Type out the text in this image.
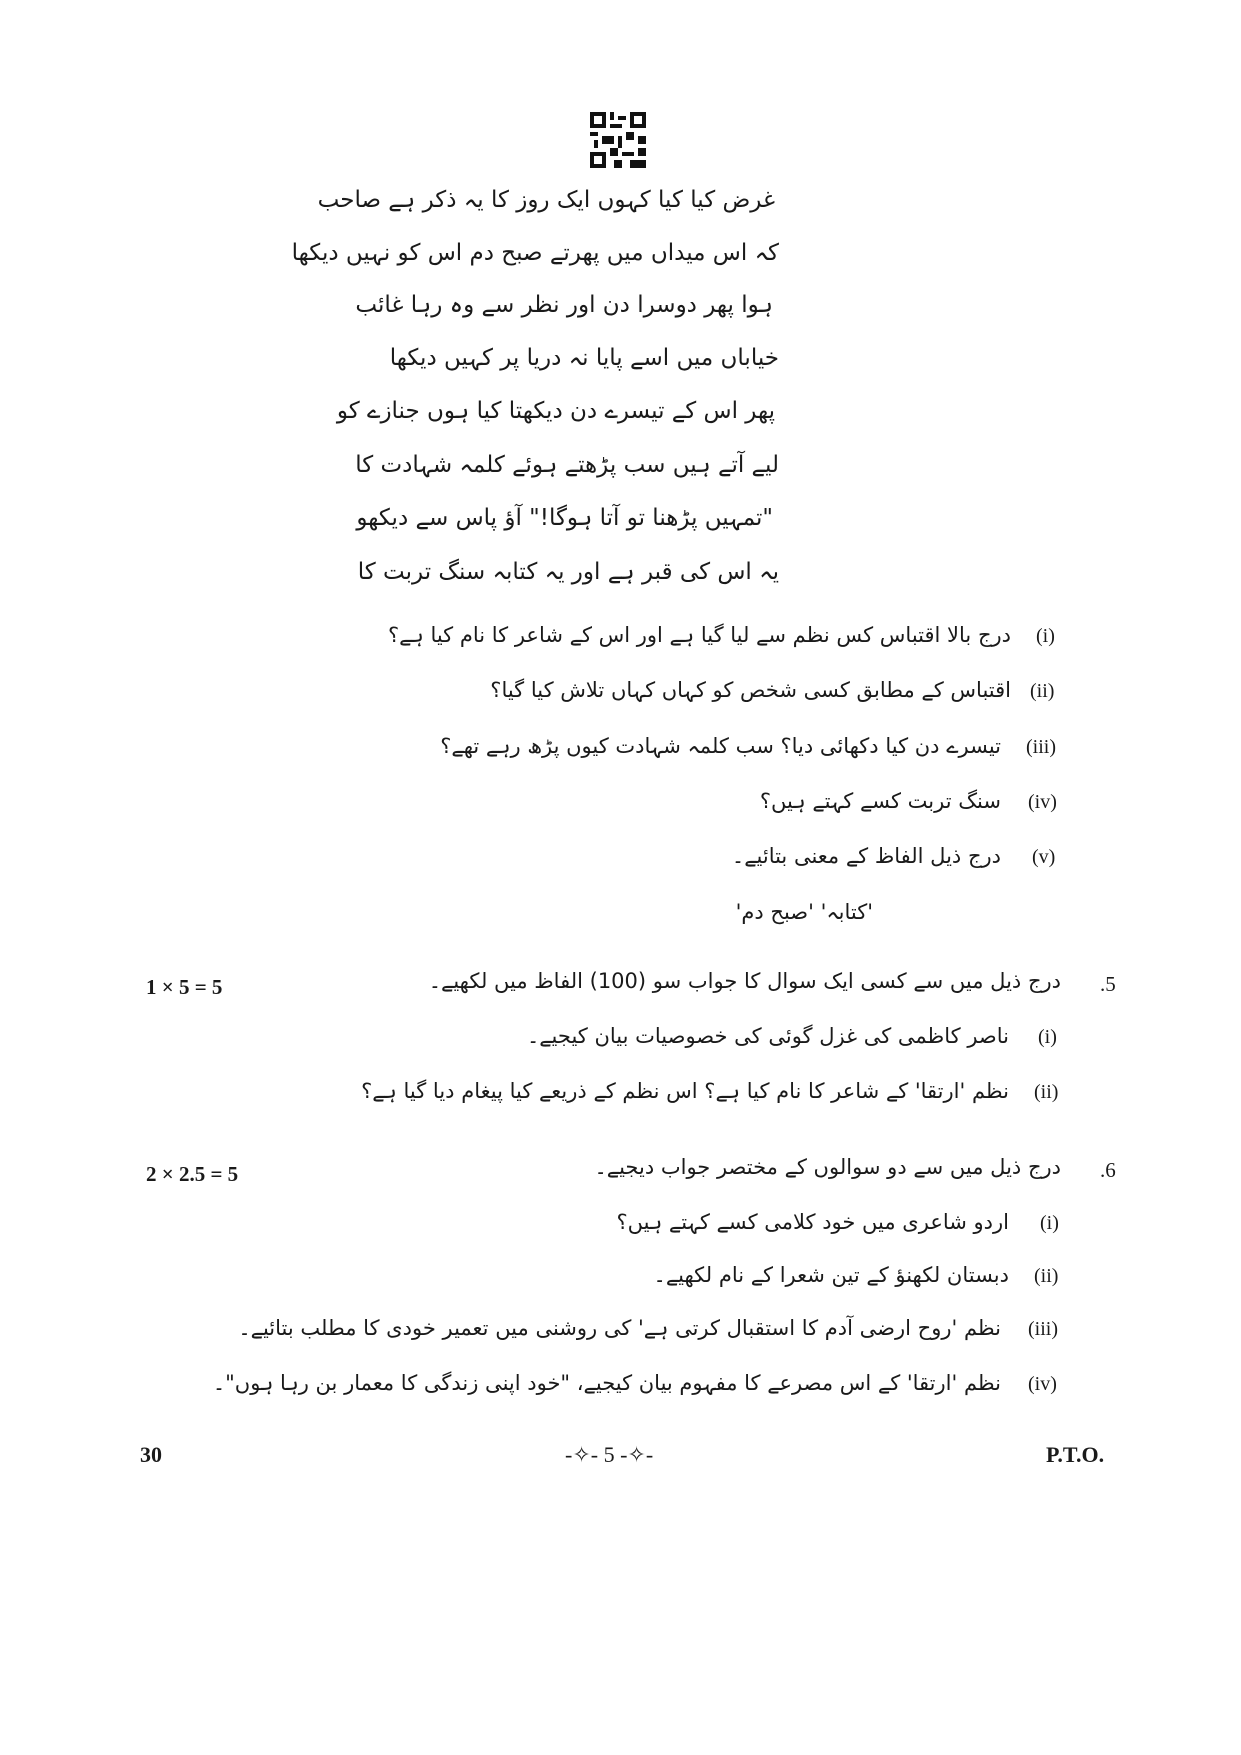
غرض کیا کیا کہوں ایک روز کا یہ ذکر ہے صاحب
کہ اس میداں میں پھرتے صبح دم اس کو نہیں دیکھا
ہوا پھر دوسرا دن اور نظر سے وہ رہا غائب
خیاباں میں اسے پایا نہ دریا پر کہیں دیکھا
پھر اس کے تیسرے دن دیکھتا کیا ہوں جنازے کو
لیے آتے ہیں سب پڑھتے ہوئے کلمہ شہادت کا
"تمہیں پڑھنا تو آتا ہوگا!" آؤ پاس سے دیکھو
یہ اس کی قبر ہے اور یہ کتابہ سنگ تربت کا
(i)
درج بالا اقتباس کس نظم سے لیا گیا ہے اور اس کے شاعر کا نام کیا ہے؟
(ii)
اقتباس کے مطابق کسی شخص کو کہاں کہاں تلاش کیا گیا؟
(iii)
تیسرے دن کیا دکھائی دیا؟ سب کلمہ شہادت کیوں پڑھ رہے تھے؟
(iv)
سنگ تربت کسے کہتے ہیں؟
(v)
درج ذیل الفاظ کے معنی بتائیے۔
'کتابہ' 'صبح دم'
1 × 5 = 5	.5
درج ذیل میں سے کسی ایک سوال کا جواب سو (100) الفاظ میں لکھیے۔
(i)
ناصر کاظمی کی غزل گوئی کی خصوصیات بیان کیجیے۔
(ii)
نظم 'ارتقا' کے شاعر کا نام کیا ہے؟ اس نظم کے ذریعے کیا پیغام دیا گیا ہے؟
2 × 2.5 = 5	.6
درج ذیل میں سے دو سوالوں کے مختصر جواب دیجیے۔
(i)
اردو شاعری میں خود کلامی کسے کہتے ہیں؟
(ii)
دبستان لکھنؤ کے تین شعرا کے نام لکھیے۔
(iii)
نظم 'روح ارضی آدم کا استقبال کرتی ہے' کی روشنی میں تعمیر خودی کا مطلب بتائیے۔
(iv)
نظم 'ارتقا' کے اس مصرعے کا مفہوم بیان کیجیے، "خود اپنی زندگی کا معمار بن رہا ہوں"۔
30	-✧- 5 -✧-	P.T.O.
